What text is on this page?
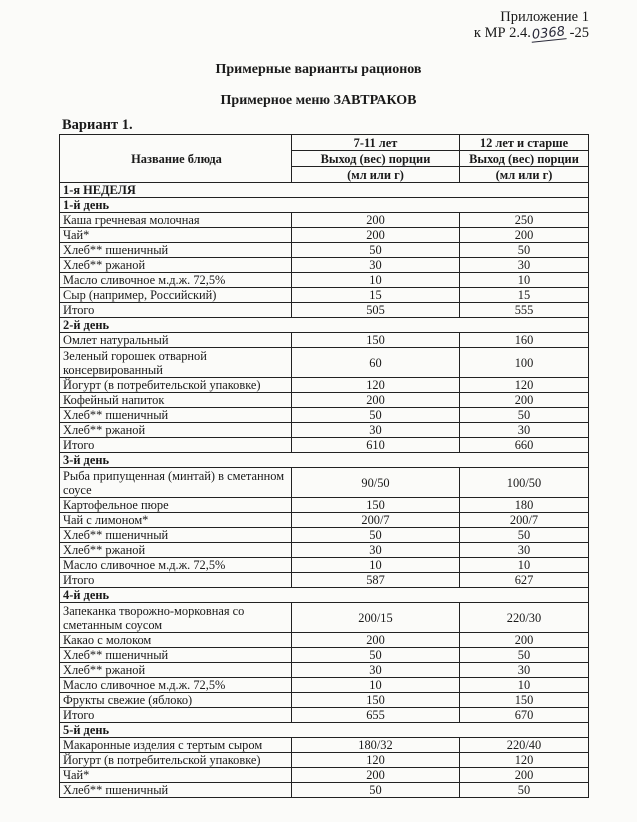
Приложение 1
к МР 2.4.0368 -25
Примерные варианты рационов
Примерное меню ЗАВТРАКОВ
Вариант 1.
Название блюда	7-11 лет	12 лет и старше
	Выход (вес) порции	Выход (вес) порции
	(мл или г)	(мл или г)
1-я НЕДЕЛЯ		
1-й день		
Каша гречневая молочная	200	250
Чай*	200	200
Хлеб** пшеничный	50	50
Хлеб** ржаной	30	30
Масло сливочное м.д.ж. 72,5%	10	10
Сыр (например, Российский)	15	15
Итого	505	555
2-й день		
Омлет натуральный	150	160
Зеленый горошек отварной консервированный	60	100
Йогурт (в потребительской упаковке)	120	120
Кофейный напиток	200	200
Хлеб** пшеничный	50	50
Хлеб** ржаной	30	30
Итого	610	660
3-й день		
Рыба припущенная (минтай) в сметанном соусе	90/50	100/50
Картофельное пюре	150	180
Чай с лимоном*	200/7	200/7
Хлеб** пшеничный	50	50
Хлеб** ржаной	30	30
Масло сливочное м.д.ж. 72,5%	10	10
Итого	587	627
4-й день		
Запеканка творожно-морковная со сметанным соусом	200/15	220/30
Какао с молоком	200	200
Хлеб** пшеничный	50	50
Хлеб** ржаной	30	30
Масло сливочное м.д.ж. 72,5%	10	10
Фрукты свежие (яблоко)	150	150
Итого	655	670
5-й день		
Макаронные изделия с тертым сыром	180/32	220/40
Йогурт (в потребительской упаковке)	120	120
Чай*	200	200
Хлеб** пшеничный	50	50
